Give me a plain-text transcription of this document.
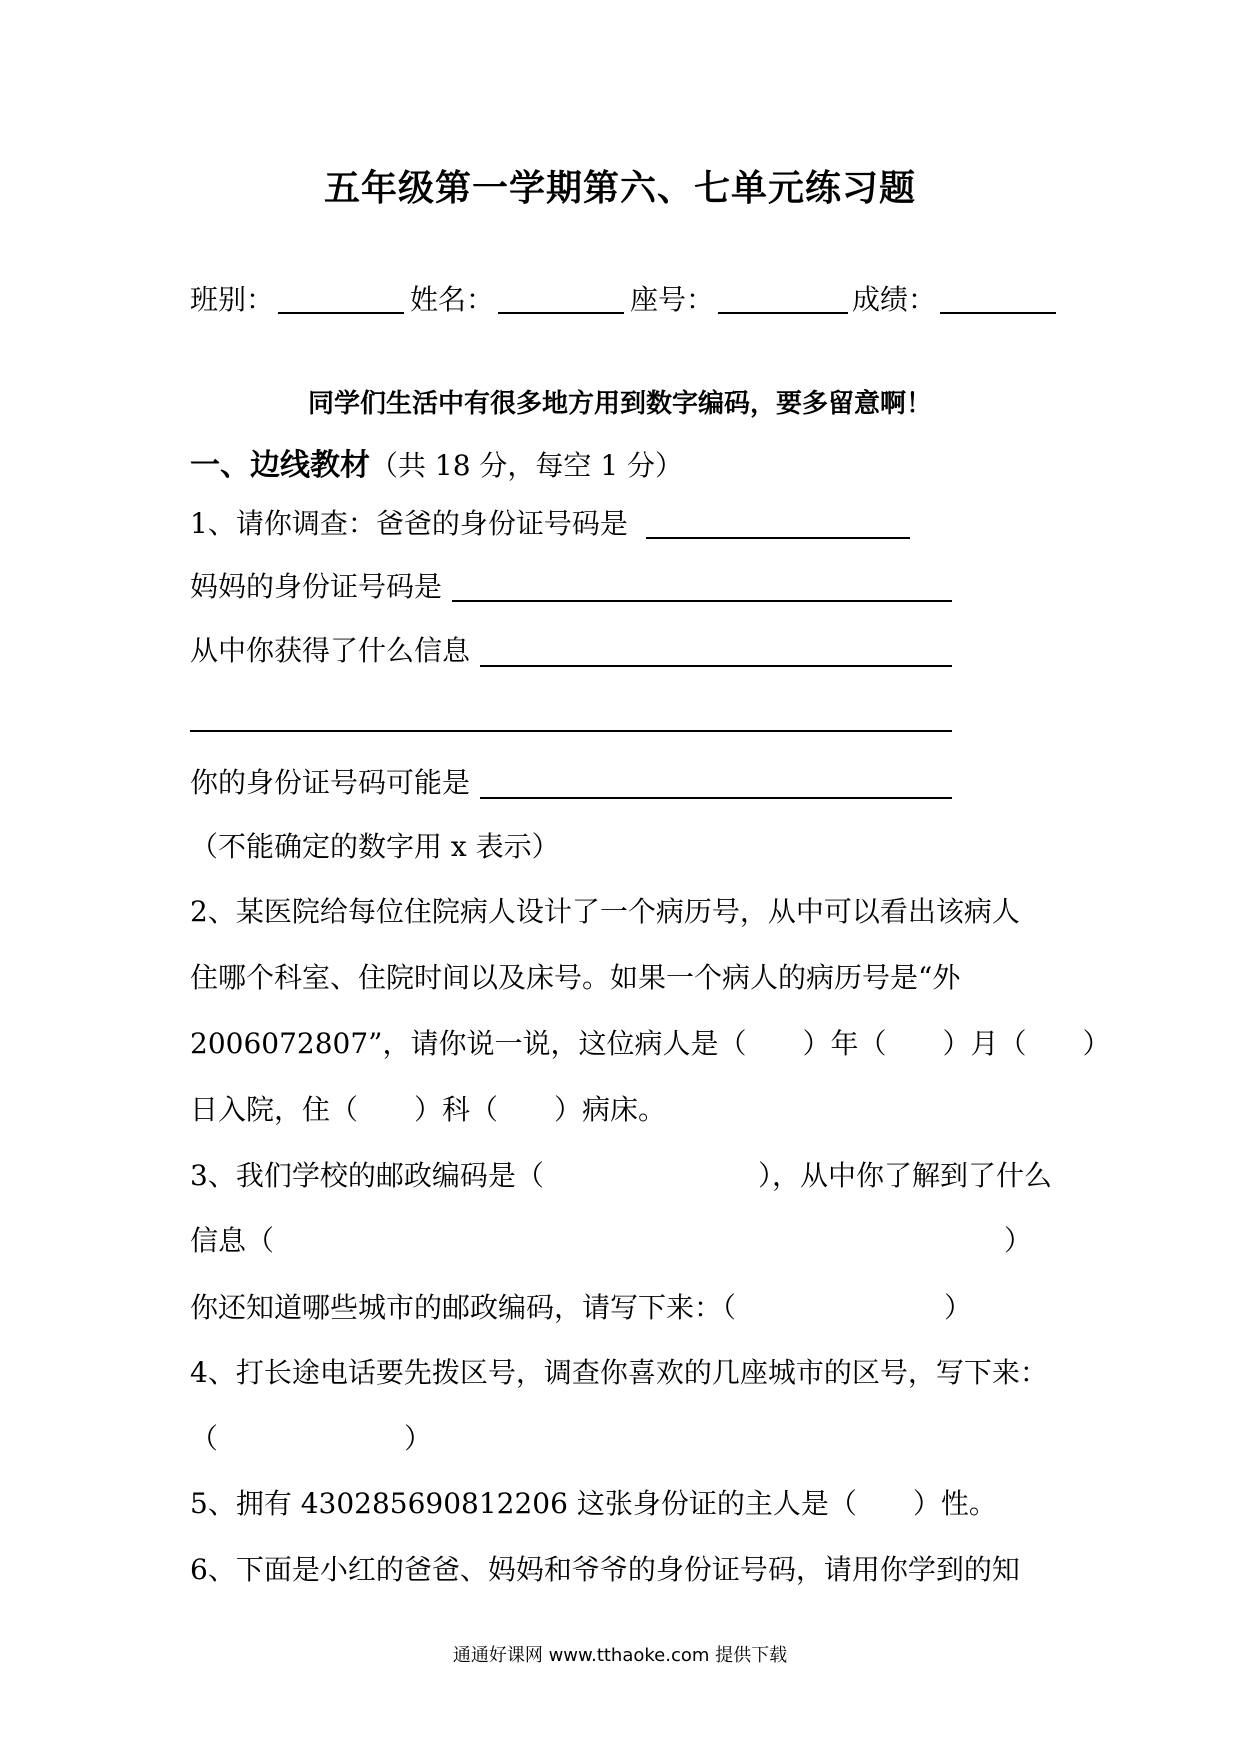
五年级第一学期第六、七单元练习题
班别：	姓名：	座号：	成绩：
同学们生活中有很多地方用到数字编码，要多留意啊！
一、边线教材（共 18 分，每空 1 分）
1、请你调查：爸爸的身份证号码是
妈妈的身份证号码是
从中你获得了什么信息
你的身份证号码可能是
（不能确定的数字用 x 表示）
2、某医院给每位住院病人设计了一个病历号，从中可以看出该病人
住哪个科室、住院时间以及床号。如果一个病人的病历号是“外
2006072807”，请你说一说，这位病人是（　　）年（　　）月（　　）
日入院，住（　　）科（　　）病床。
3、我们学校的邮政编码是（	），从中你了解到了什么
信息（	）
你还知道哪些城市的邮政编码，请写下来：（	）
4、打长途电话要先拨区号，调查你喜欢的几座城市的区号，写下来：
（	）
5、拥有 430285690812206 这张身份证的主人是（　　）性。
6、下面是小红的爸爸、妈妈和爷爷的身份证号码，请用你学到的知
通通好课网 www.tthaoke.com 提供下载
